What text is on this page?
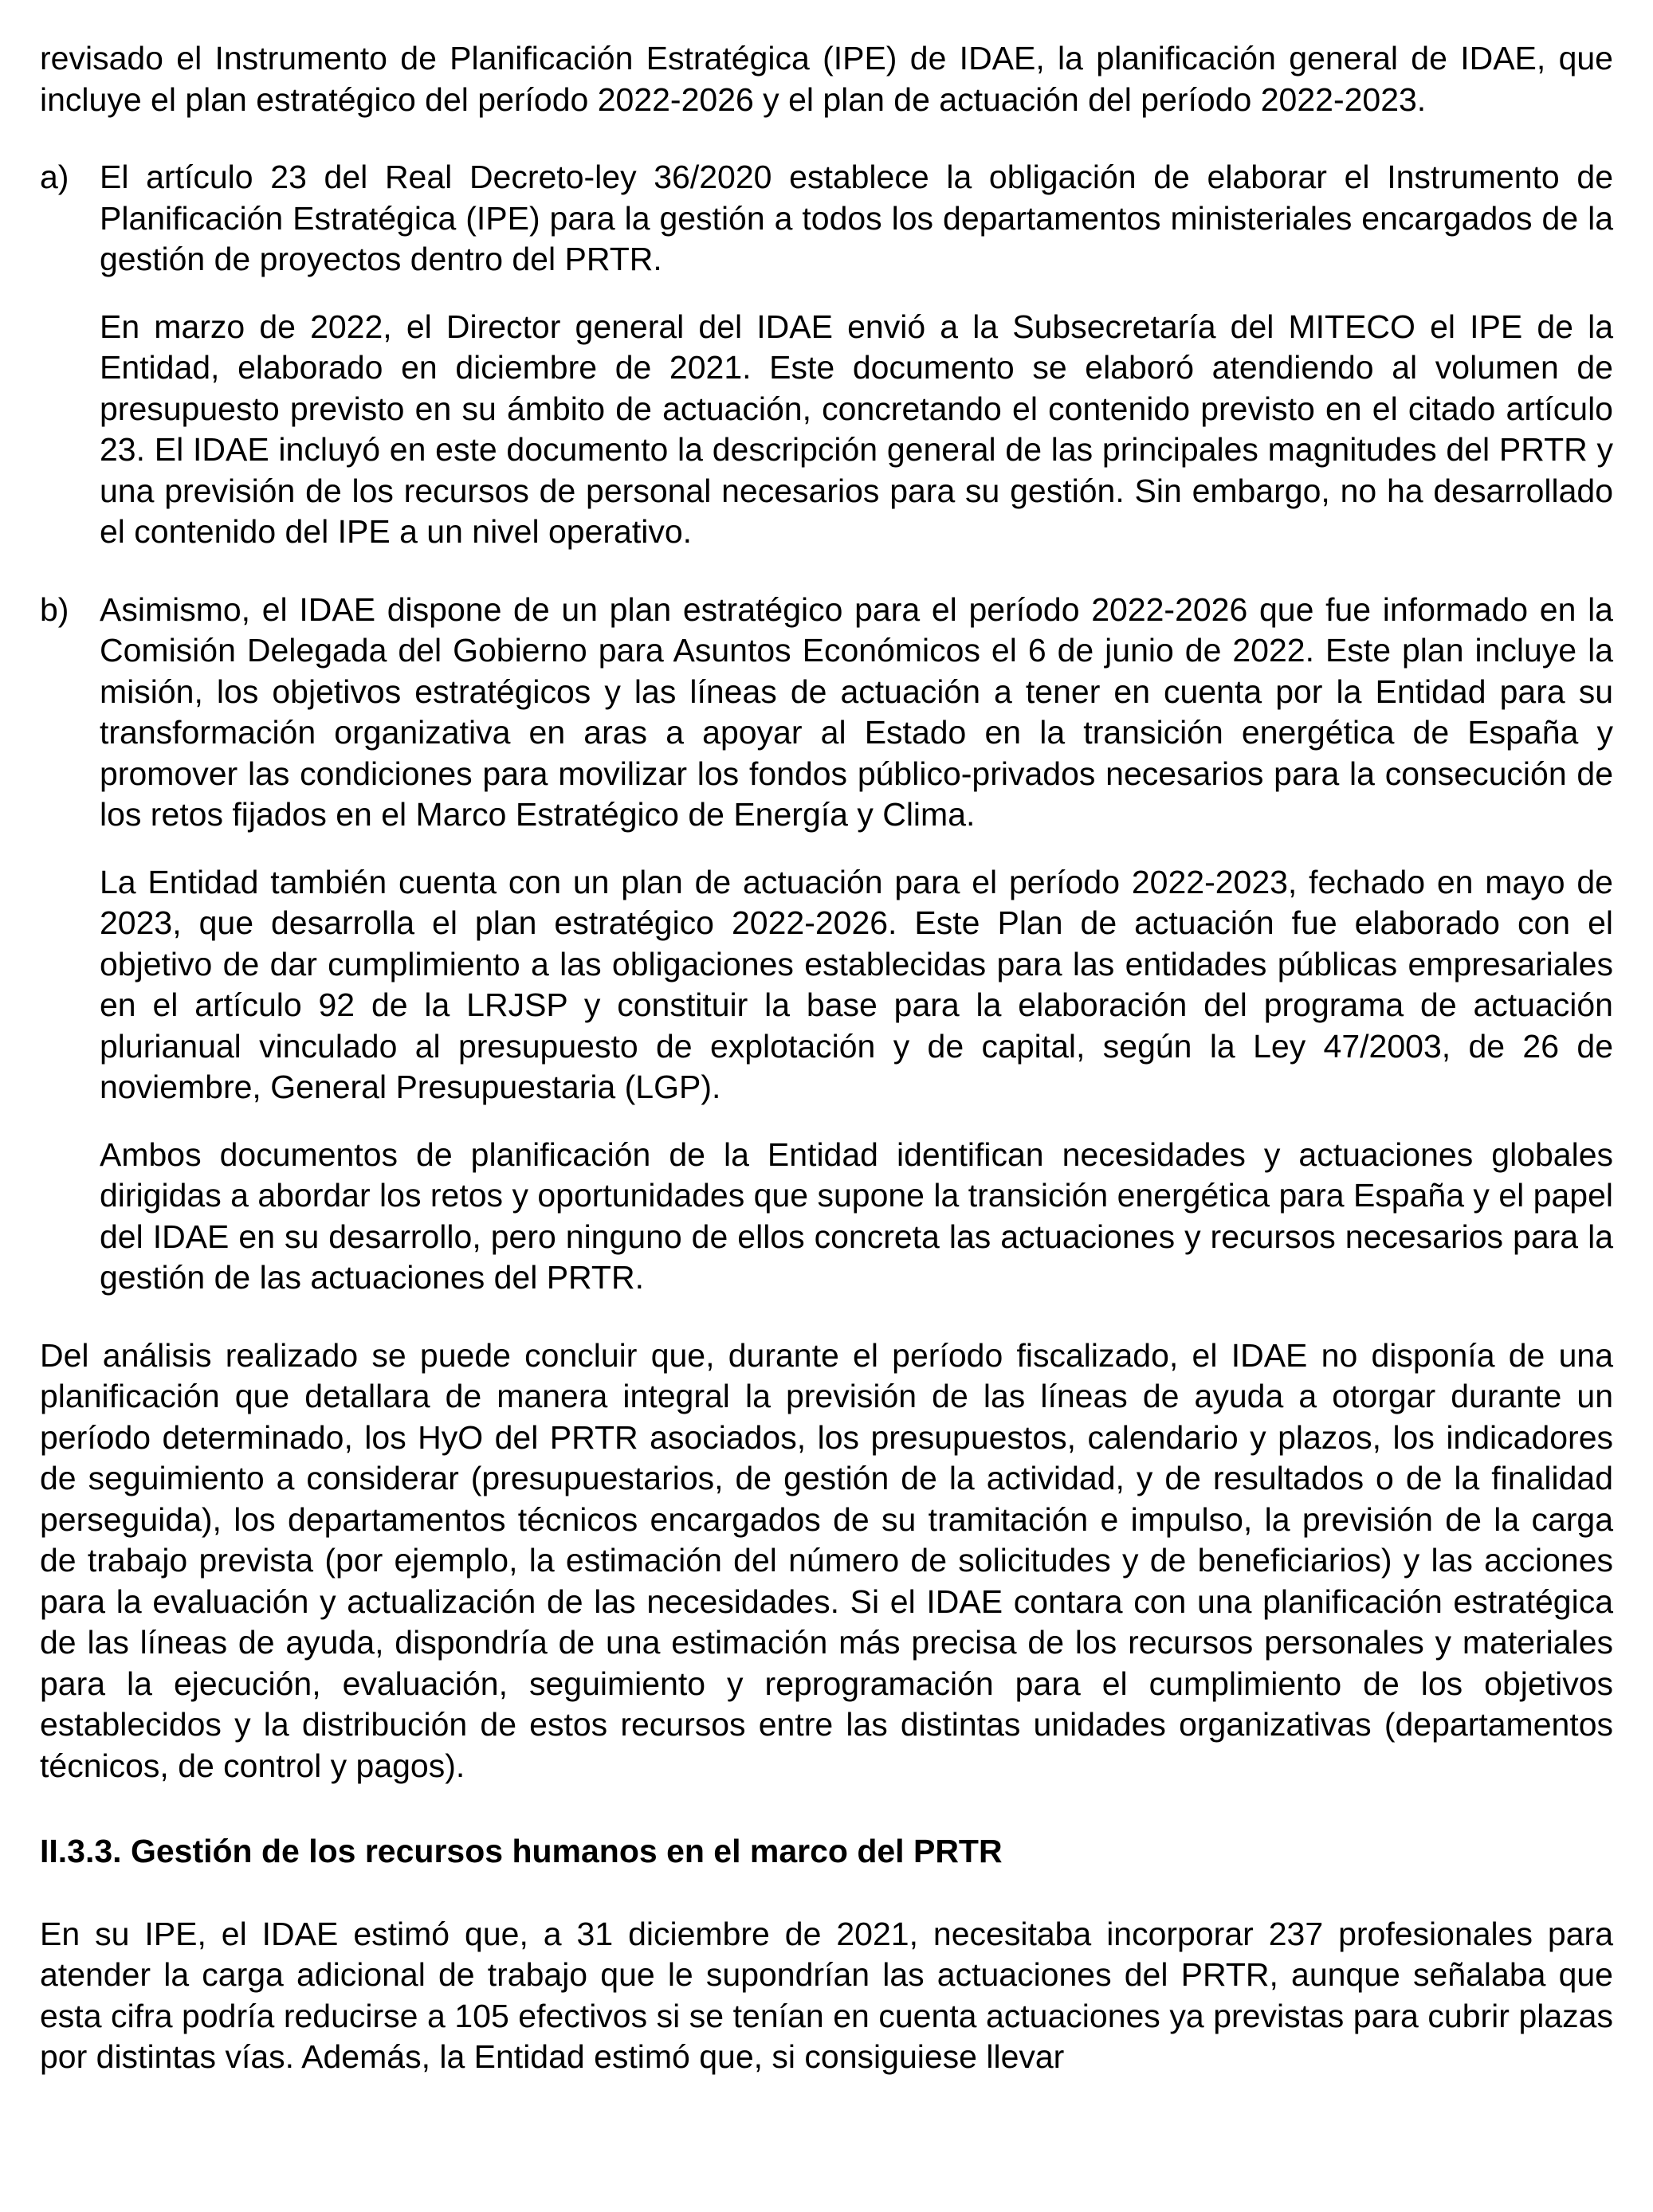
revisado el Instrumento de Planificación Estratégica (IPE) de IDAE, la planificación general de IDAE, que incluye el plan estratégico del período 2022-2026 y el plan de actuación del período 2022-2023.

a) El artículo 23 del Real Decreto-ley 36/2020 establece la obligación de elaborar el Instrumento de Planificación Estratégica (IPE) para la gestión a todos los departamentos ministeriales encargados de la gestión de proyectos dentro del PRTR.

En marzo de 2022, el Director general del IDAE envió a la Subsecretaría del MITECO el IPE de la Entidad, elaborado en diciembre de 2021. Este documento se elaboró atendiendo al volumen de presupuesto previsto en su ámbito de actuación, concretando el contenido previsto en el citado artículo 23. El IDAE incluyó en este documento la descripción general de las principales magnitudes del PRTR y una previsión de los recursos de personal necesarios para su gestión. Sin embargo, no ha desarrollado el contenido del IPE a un nivel operativo.

b) Asimismo, el IDAE dispone de un plan estratégico para el período 2022-2026 que fue informado en la Comisión Delegada del Gobierno para Asuntos Económicos el 6 de junio de 2022. Este plan incluye la misión, los objetivos estratégicos y las líneas de actuación a tener en cuenta por la Entidad para su transformación organizativa en aras a apoyar al Estado en la transición energética de España y promover las condiciones para movilizar los fondos público-privados necesarios para la consecución de los retos fijados en el Marco Estratégico de Energía y Clima.

La Entidad también cuenta con un plan de actuación para el período 2022-2023, fechado en mayo de 2023, que desarrolla el plan estratégico 2022-2026. Este Plan de actuación fue elaborado con el objetivo de dar cumplimiento a las obligaciones establecidas para las entidades públicas empresariales en el artículo 92 de la LRJSP y constituir la base para la elaboración del programa de actuación plurianual vinculado al presupuesto de explotación y de capital, según la Ley 47/2003, de 26 de noviembre, General Presupuestaria (LGP).

Ambos documentos de planificación de la Entidad identifican necesidades y actuaciones globales dirigidas a abordar los retos y oportunidades que supone la transición energética para España y el papel del IDAE en su desarrollo, pero ninguno de ellos concreta las actuaciones y recursos necesarios para la gestión de las actuaciones del PRTR.

Del análisis realizado se puede concluir que, durante el período fiscalizado, el IDAE no disponía de una planificación que detallara de manera integral la previsión de las líneas de ayuda a otorgar durante un período determinado, los HyO del PRTR asociados, los presupuestos, calendario y plazos, los indicadores de seguimiento a considerar (presupuestarios, de gestión de la actividad, y de resultados o de la finalidad perseguida), los departamentos técnicos encargados de su tramitación e impulso, la previsión de la carga de trabajo prevista (por ejemplo, la estimación del número de solicitudes y de beneficiarios) y las acciones para la evaluación y actualización de las necesidades. Si el IDAE contara con una planificación estratégica de las líneas de ayuda, dispondría de una estimación más precisa de los recursos personales y materiales para la ejecución, evaluación, seguimiento y reprogramación para el cumplimiento de los objetivos establecidos y la distribución de estos recursos entre las distintas unidades organizativas (departamentos técnicos, de control y pagos).

II.3.3. Gestión de los recursos humanos en el marco del PRTR

En su IPE, el IDAE estimó que, a 31 diciembre de 2021, necesitaba incorporar 237 profesionales para atender la carga adicional de trabajo que le supondrían las actuaciones del PRTR, aunque señalaba que esta cifra podría reducirse a 105 efectivos si se tenían en cuenta actuaciones ya previstas para cubrir plazas por distintas vías. Además, la Entidad estimó que, si consiguiese llevar
